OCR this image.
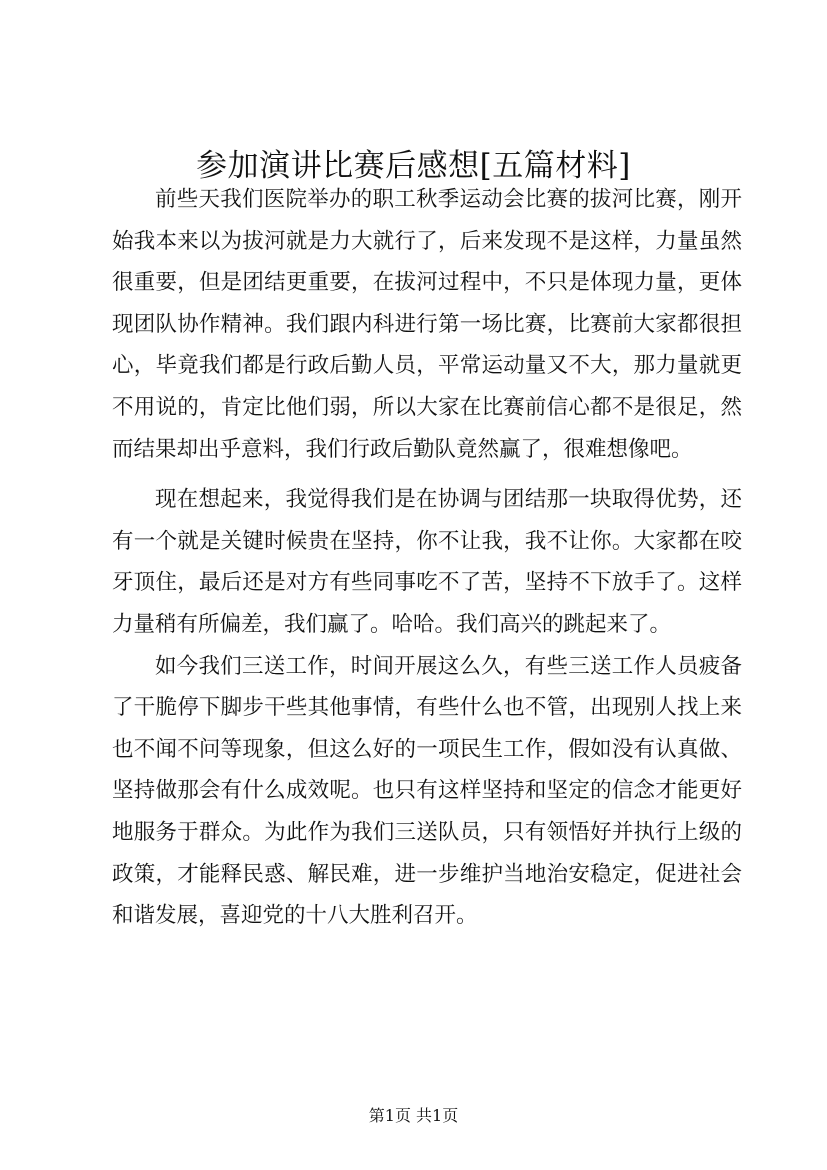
参加演讲比赛后感想[五篇材料]

前些天我们医院举办的职工秋季运动会比赛的拔河比赛，刚开始我本来以为拔河就是力大就行了，后来发现不是这样，力量虽然很重要，但是团结更重要，在拔河过程中，不只是体现力量，更体现团队协作精神。我们跟内科进行第一场比赛，比赛前大家都很担心，毕竟我们都是行政后勤人员，平常运动量又不大，那力量就更不用说的，肯定比他们弱，所以大家在比赛前信心都不是很足，然而结果却出乎意料，我们行政后勤队竟然赢了，很难想像吧。

现在想起来，我觉得我们是在协调与团结那一块取得优势，还有一个就是关键时候贵在坚持，你不让我，我不让你。大家都在咬牙顶住，最后还是对方有些同事吃不了苦，坚持不下放手了。这样力量稍有所偏差，我们赢了。哈哈。我们高兴的跳起来了。

如今我们三送工作，时间开展这么久，有些三送工作人员疲备了干脆停下脚步干些其他事情，有些什么也不管，出现别人找上来也不闻不问等现象，但这么好的一项民生工作，假如没有认真做、坚持做那会有什么成效呢。也只有这样坚持和坚定的信念才能更好地服务于群众。为此作为我们三送队员，只有领悟好并执行上级的政策，才能释民惑、解民难，进一步维护当地治安稳定，促进社会和谐发展，喜迎党的十八大胜利召开。

第1页 共1页
